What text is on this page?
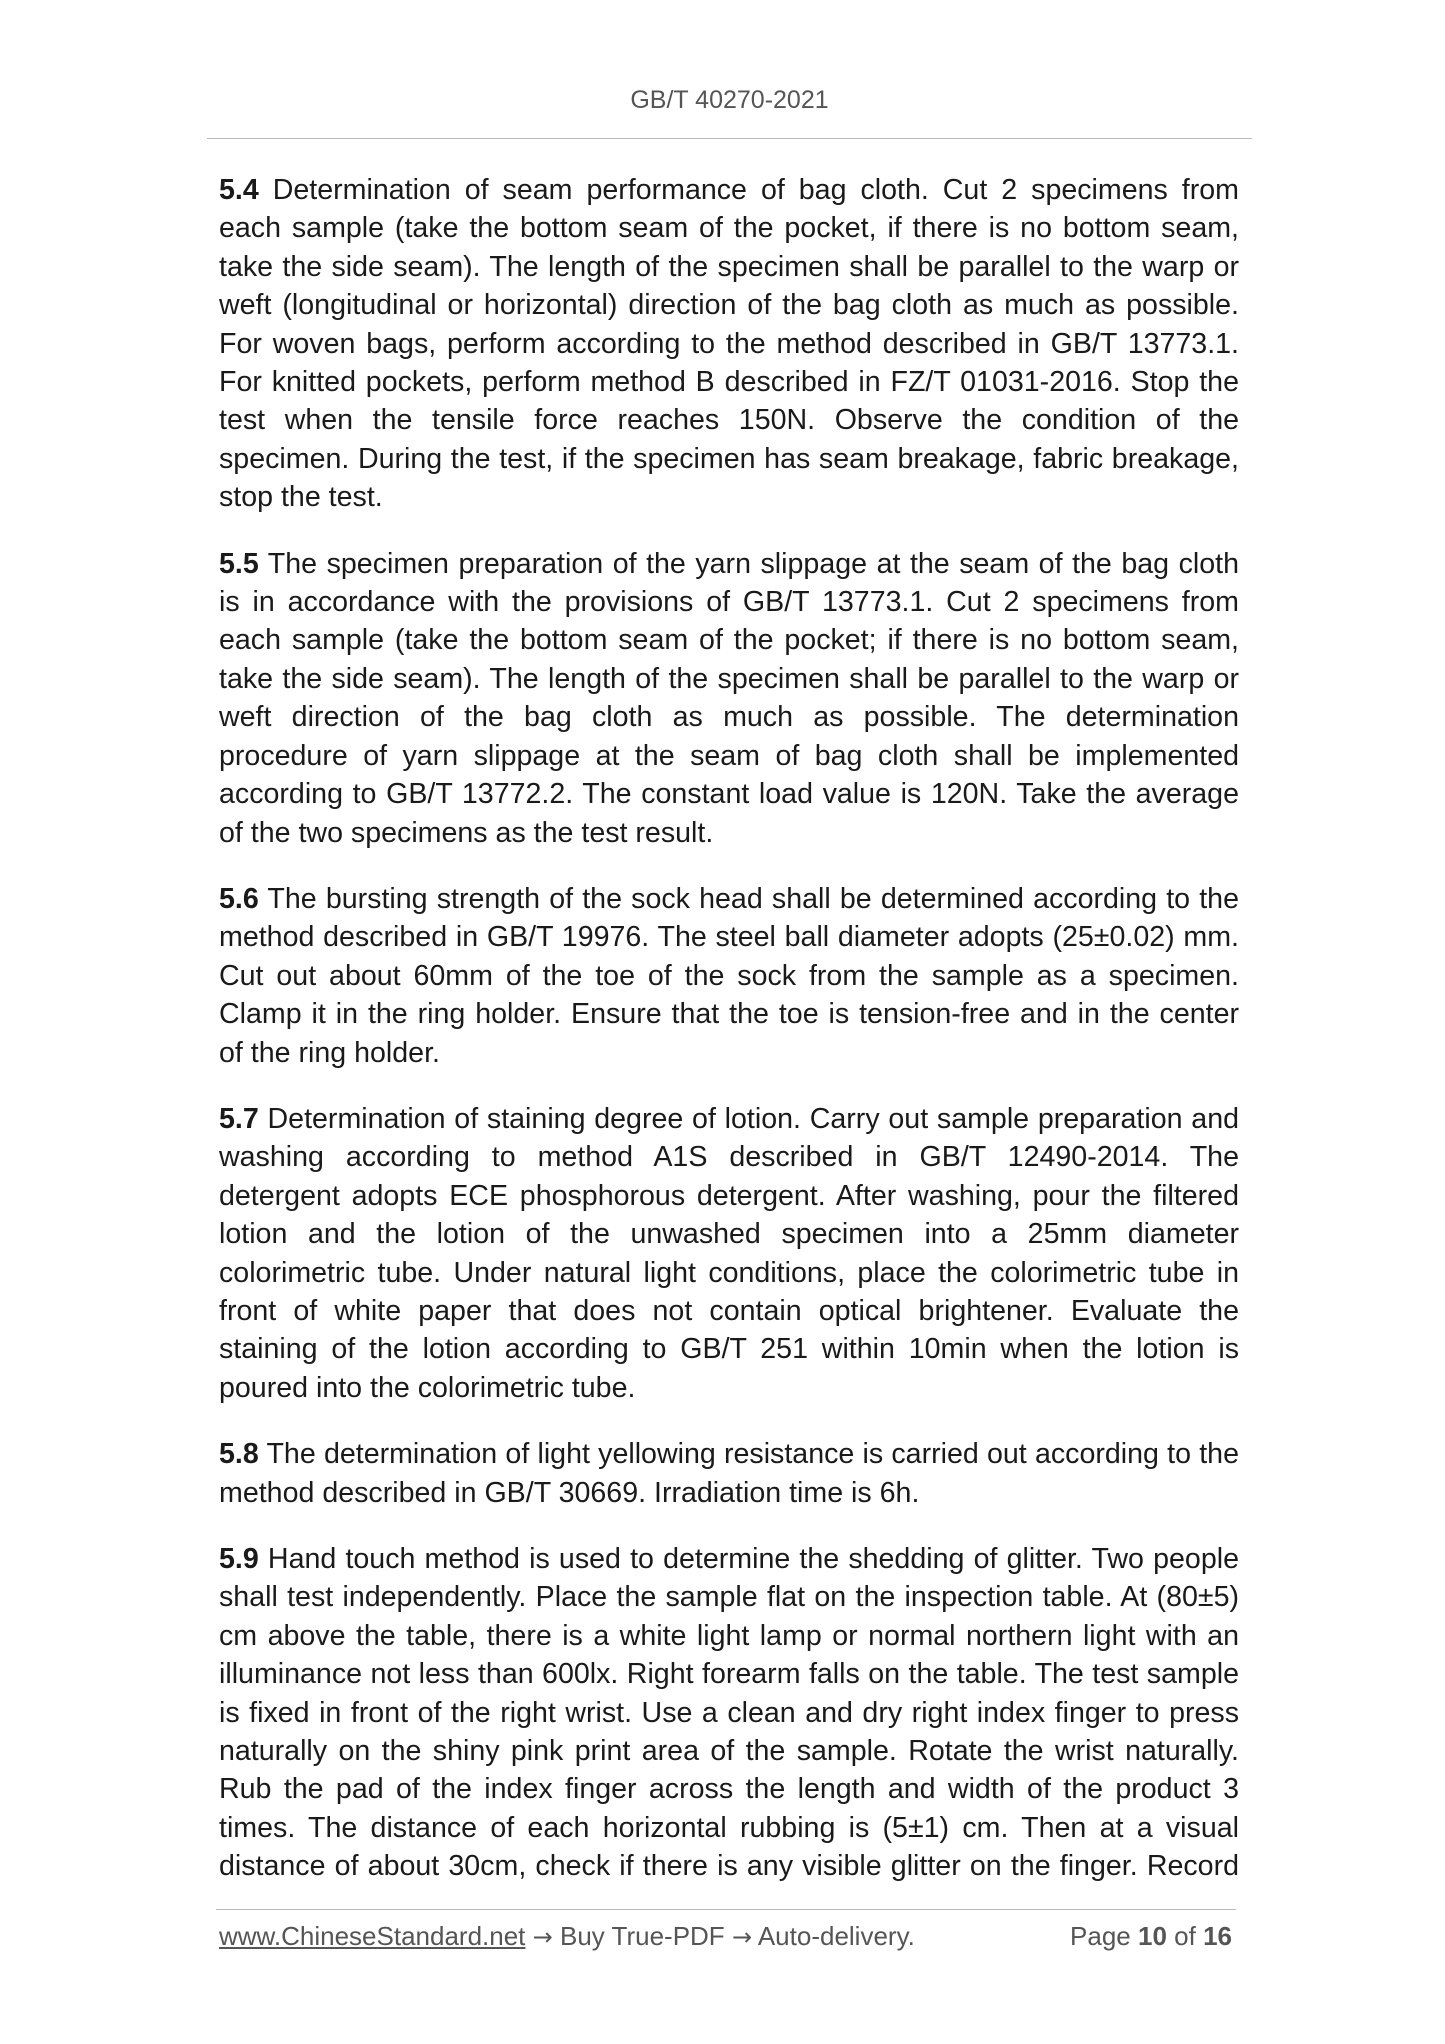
GB/T 40270-2021

5.4 Determination of seam performance of bag cloth. Cut 2 specimens from each sample (take the bottom seam of the pocket, if there is no bottom seam, take the side seam). The length of the specimen shall be parallel to the warp or weft (longitudinal or horizontal) direction of the bag cloth as much as possible. For woven bags, perform according to the method described in GB/T 13773.1. For knitted pockets, perform method B described in FZ/T 01031-2016. Stop the test when the tensile force reaches 150N. Observe the condition of the specimen. During the test, if the specimen has seam breakage, fabric breakage, stop the test.

5.5 The specimen preparation of the yarn slippage at the seam of the bag cloth is in accordance with the provisions of GB/T 13773.1. Cut 2 specimens from each sample (take the bottom seam of the pocket; if there is no bottom seam, take the side seam). The length of the specimen shall be parallel to the warp or weft direction of the bag cloth as much as possible. The determination procedure of yarn slippage at the seam of bag cloth shall be implemented according to GB/T 13772.2. The constant load value is 120N. Take the average of the two specimens as the test result.

5.6 The bursting strength of the sock head shall be determined according to the method described in GB/T 19976. The steel ball diameter adopts (25±0.02) mm. Cut out about 60mm of the toe of the sock from the sample as a specimen. Clamp it in the ring holder. Ensure that the toe is tension-free and in the center of the ring holder.

5.7 Determination of staining degree of lotion. Carry out sample preparation and washing according to method A1S described in GB/T 12490-2014. The detergent adopts ECE phosphorous detergent. After washing, pour the filtered lotion and the lotion of the unwashed specimen into a 25mm diameter colorimetric tube. Under natural light conditions, place the colorimetric tube in front of white paper that does not contain optical brightener. Evaluate the staining of the lotion according to GB/T 251 within 10min when the lotion is poured into the colorimetric tube.

5.8 The determination of light yellowing resistance is carried out according to the method described in GB/T 30669. Irradiation time is 6h.

5.9 Hand touch method is used to determine the shedding of glitter. Two people shall test independently. Place the sample flat on the inspection table. At (80±5) cm above the table, there is a white light lamp or normal northern light with an illuminance not less than 600lx. Right forearm falls on the table. The test sample is fixed in front of the right wrist. Use a clean and dry right index finger to press naturally on the shiny pink print area of the sample. Rotate the wrist naturally. Rub the pad of the index finger across the length and width of the product 3 times. The distance of each horizontal rubbing is (5±1) cm. Then at a visual distance of about 30cm, check if there is any visible glitter on the finger. Record

www.ChineseStandard.net → Buy True-PDF → Auto-delivery.	Page 10 of 16
